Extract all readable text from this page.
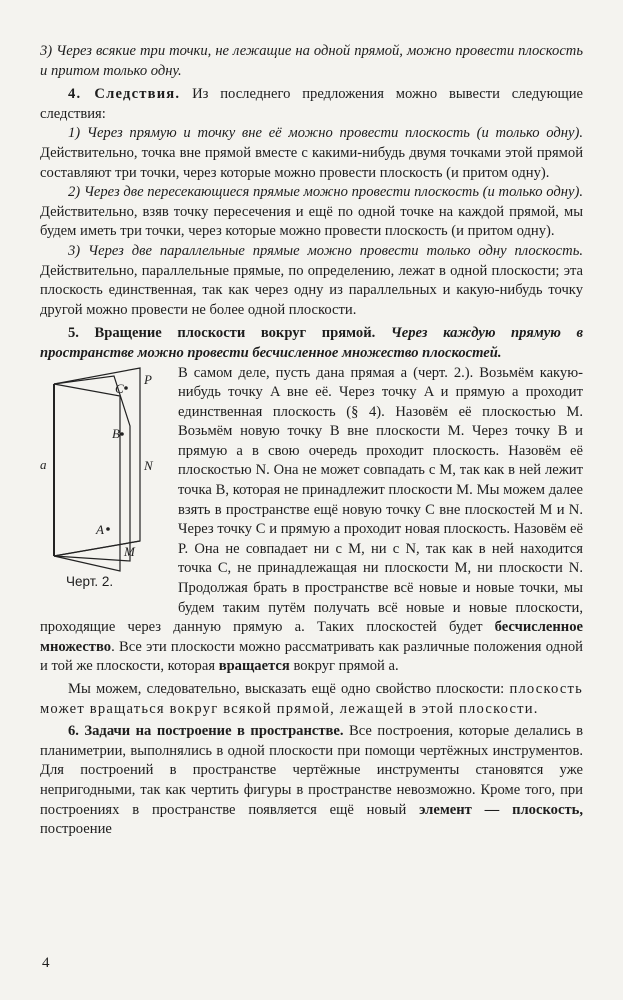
3) Через всякие три точки, не лежащие на одной прямой, можно провести плоскость и притом только одну.

4. Следствия. Из последнего предложения можно вывести следующие следствия:

1) Через прямую и точку вне её можно провести плоскость (и только одну). Действительно, точка вне прямой вместе с какими-нибудь двумя точками этой прямой составляют три точки, через которые можно провести плоскость (и притом одну).

2) Через две пересекающиеся прямые можно провести плоскость (и только одну). Действительно, взяв точку пересечения и ещё по одной точке на каждой прямой, мы будем иметь три точки, через которые можно провести плоскость (и притом одну).

3) Через две параллельные прямые можно провести только одну плоскость. Действительно, параллельные прямые, по определению, лежат в одной плоскости; эта плоскость единственная, так как через одну из параллельных и какую-нибудь точку другой можно провести не более одной плоскости.

5. Вращение плоскости вокруг прямой. Через каждую прямую в пространстве можно провести бесчисленное множество плоскостей.

a
C
P
B
N
A
M
Черт. 2.

В самом деле, пусть дана прямая a (черт. 2.). Возьмём какую-нибудь точку A вне её. Через точку A и прямую a проходит единственная плоскость (§ 4). Назовём её плоскостью M. Возьмём новую точку B вне плоскости M. Через точку B и прямую a в свою очередь проходит плоскость. Назовём её плоскостью N. Она не может совпадать с M, так как в ней лежит точка B, которая не принадлежит плоскости M. Мы можем далее взять в пространстве ещё новую точку C вне плоскостей M и N. Через точку C и прямую a проходит новая плоскость. Назовём её P. Она не совпадает ни с M, ни с N, так как в ней находится точка C, не принадлежащая ни плоскости M, ни плоскости N. Продолжая брать в пространстве всё новые и новые точки, мы будем таким путём получать всё новые и новые плоскости, проходящие через данную прямую a. Таких плоскостей будет бесчисленное множество. Все эти плоскости можно рассматривать как различные положения одной и той же плоскости, которая вращается вокруг прямой a.

Мы можем, следовательно, высказать ещё одно свойство плоскости: плоскость может вращаться вокруг всякой прямой, лежащей в этой плоскости.

6. Задачи на построение в пространстве. Все построения, которые делались в планиметрии, выполнялись в одной плоскости при помощи чертёжных инструментов. Для построений в пространстве чертёжные инструменты становятся уже непригодными, так как чертить фигуры в пространстве невозможно. Кроме того, при построениях в пространстве появляется ещё новый элемент — плоскость, построение

4
